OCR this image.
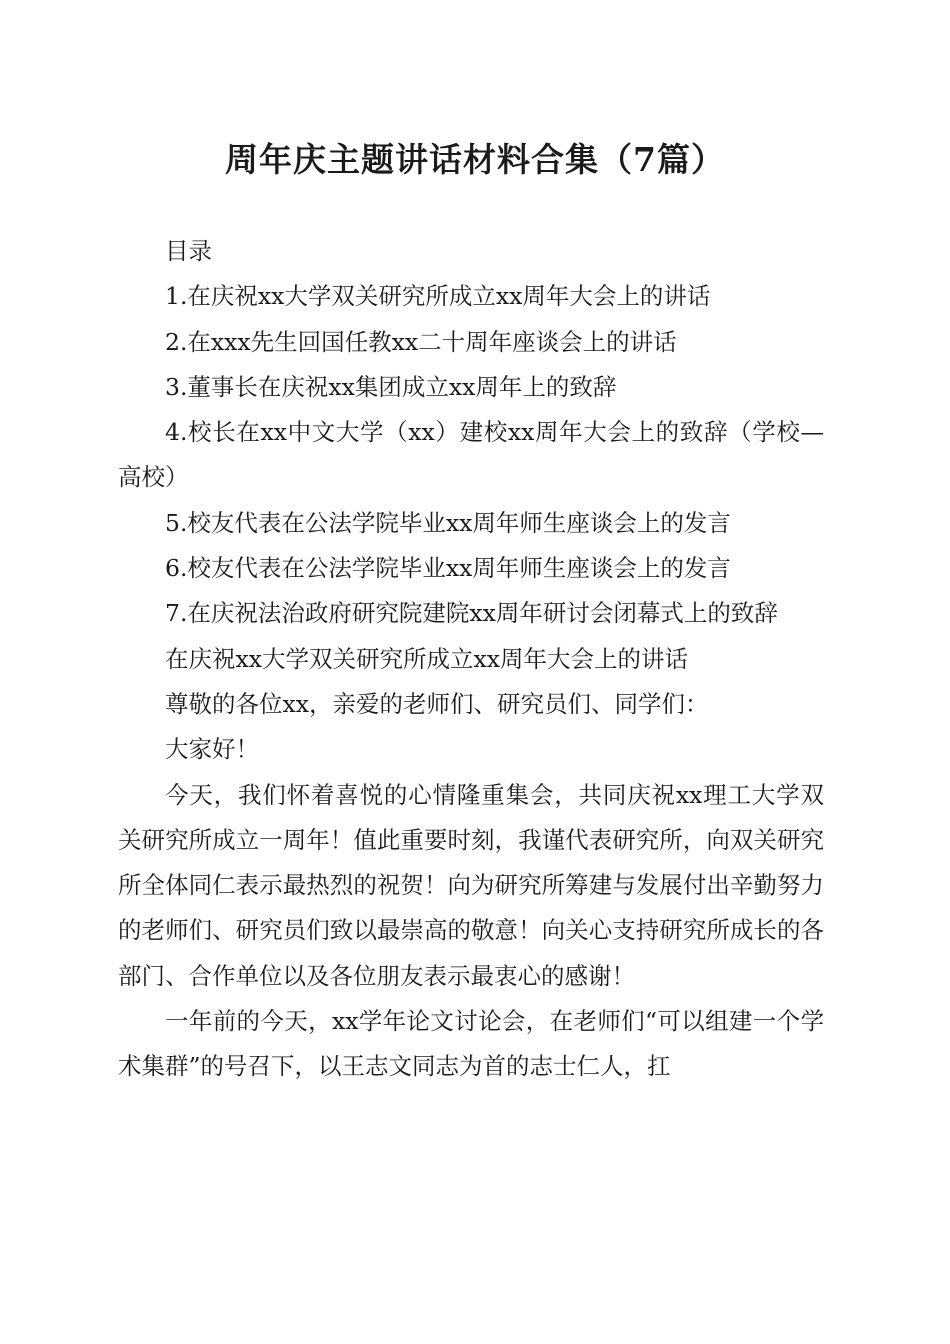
周年庆主题讲话材料合集（7篇）

目录

1.在庆祝xx大学双关研究所成立xx周年大会上的讲话

2.在xxx先生回国任教xx二十周年座谈会上的讲话

3.董事长在庆祝xx集团成立xx周年上的致辞

4.校长在xx中文大学（xx）建校xx周年大会上的致辞（学校—高校）

5.校友代表在公法学院毕业xx周年师生座谈会上的发言

6.校友代表在公法学院毕业xx周年师生座谈会上的发言

7.在庆祝法治政府研究院建院xx周年研讨会闭幕式上的致辞

在庆祝xx大学双关研究所成立xx周年大会上的讲话

尊敬的各位xx，亲爱的老师们、研究员们、同学们：

大家好！

今天，我们怀着喜悦的心情隆重集会，共同庆祝xx理工大学双关研究所成立一周年！值此重要时刻，我谨代表研究所，向双关研究所全体同仁表示最热烈的祝贺！向为研究所筹建与发展付出辛勤努力的老师们、研究员们致以最崇高的敬意！向关心支持研究所成长的各部门、合作单位以及各位朋友表示最衷心的感谢！

一年前的今天，xx学年论文讨论会，在老师们“可以组建一个学术集群”的号召下，以王志文同志为首的志士仁人，扛
